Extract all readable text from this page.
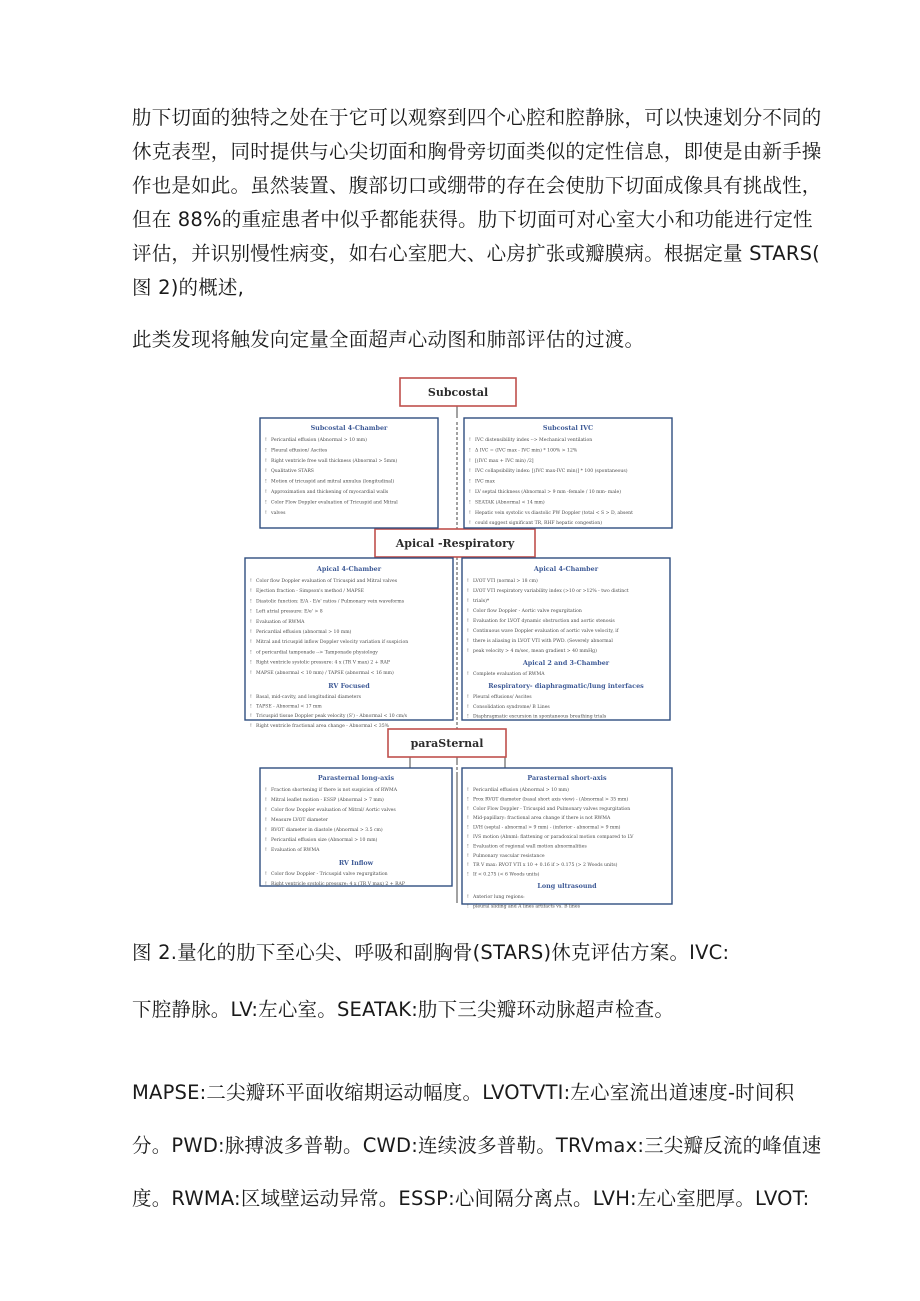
肋下切面的独特之处在于它可以观察到四个心腔和腔静脉，可以快速划分不同的
休克表型，同时提供与心尖切面和胸骨旁切面类似的定性信息，即使是由新手操
作也是如此。虽然装置、腹部切口或绷带的存在会使肋下切面成像具有挑战性，
但在 88%的重症患者中似乎都能获得。肋下切面可对心室大小和功能进行定性
评估，并识别慢性病变，如右心室肥大、心房扩张或瓣膜病。根据定量 STARS(
图 2)的概述,

此类发现将触发向定量全面超声心动图和肺部评估的过渡。

Subcostal
Apical -Respiratory
paraSternal
Subcostal 4-Chamber
! Pericardial effusion (Abnormal > 10 mm)
! Pleural effusion/ Ascites
! Right ventricle free wall thickness (Abnormal > 5mm)
! Qualitative STARS
! Motion of tricuspid and mitral annulus (longitudinal)
! Approximation and thickening of myocardial walls
! Color Flow Doppler evaluation of Tricuspid and Mitral
! valves
Subcostal IVC
! IVC distensibility index --> Mechanical ventilation
! Δ IVC = (IVC max - IVC min) * 100% > 12%
! [(IVC max + IVC min) /2]
! IVC collapsibility index: [(IVC max-IVC min)] * 100 (spontaneous)
! IVC max
! LV septal thickness (Abnormal > 9 mm -female / 10 mm- male)
! SEATAK (Abnormal < 14 mm)
! Hepatic vein systolic vs diastolic PW Doppler (total < S > D, absent
! could suggest significant TR, RHF hepatic congestion)
Apical 4-Chamber
! Color flow Doppler evaluation of Tricuspid and Mitral valves
! Ejection fraction - Simpson's method / MAPSE
! Diastolic function: E/A - E/e' ratios / Pulmonary vein waveforms
! Left atrial pressure: E/e' > 8
! Evaluation of RWMA
! Pericardial effusion (abnormal > 10 mm)
! Mitral and tricuspid inflow Doppler velocity variation if suspicion
! of pericardial tamponade --> Tamponade physiology
! Right ventricle systolic pressure: 4 x (TR V max) 2 + RAP
! MAPSE (abnormal < 10 mm) / TAPSE (abnormal < 16 mm)
RV Focused
! Basal, mid-cavity, and longitudinal diameters
! TAPSE - Abnormal < 17 mm
! Tricuspid tissue Doppler peak velocity (S') - Abnormal < 10 cm/s
! Right ventricle fractional area change - Abnormal < 35%
Apical 4-Chamber
! LVOT VTI (normal > 18 cm)
! LVOT VTI respiratory variability index (>10 or >12% - two distinct
! trials)*
! Color flow Doppler - Aortic valve regurgitation
! Evaluation for LVOT dynamic obstruction and aortic stenosis
! Continuous wave Doppler evaluation of aortic valve velocity, if
! there is aliasing in LVOT VTI with PWD. (Severely abnormal
! peak velocity > 4 m/sec, mean gradient > 40 mmHg)
Apical 2 and 3-Chamber
! Complete evaluation of RWMA
Respiratory- diaphragmatic/lung interfaces
! Pleural effusions/ Ascites
! Consolidation syndrome/ B Lines
! Diaphragmatic excursion in spontaneous breathing trials
Parasternal long-axis
! Fraction shortening if there is not suspicion of RWMA
! Mitral leaflet motion - ESSP (Abnormal > 7 mm)
! Color flow Doppler evaluation of Mitral/ Aortic valves
! Measure LVOT diameter
! RVOT diameter in diastole (Abnormal > 3.5 cm)
! Pericardial effusion size (Abnormal > 10 mm)
! Evaluation of RWMA
RV Inflow
! Color flow Doppler - Tricuspid valve regurgitation
! Right ventricle systolic pressure: 4 x (TR V max) 2 + RAP
Parasternal short-axis
! Pericardial effusion (Abnormal > 10 mm)
! Prox RVOT diameter (basal short axis view) - (Abnormal > 35 mm)
! Color Flow Doppler - Tricuspid and Pulmonary valves regurgitation
! Mid-papillary: fractional area change if there is not RWMA
! LVH (septal - abnormal > 9 mm) - (inferior - abnormal > 9 mm)
! IVS motion (Abnml: flattening or paradoxical motion compared to LV
! Evaluation of regional wall motion abnormalities
! Pulmonary vascular resistance
! TR V max: RVOT VTI x 10 + 0.16 if > 0.175 (> 2 Woods units)
! If < 0.275 (< 6 Woods units)
Long ultrasound
! Anterior lung regions:
! pleural sliding and A lines artifacts vs. B lines

图 2.量化的肋下至心尖、呼吸和副胸骨(STARS)休克评估方案。IVC:

下腔静脉。LV:左心室。SEATAK:肋下三尖瓣环动脉超声检查。

MAPSE:二尖瓣环平面收缩期运动幅度。LVOTVTI:左心室流出道速度-时间积
分。PWD:脉搏波多普勒。CWD:连续波多普勒。TRVmax:三尖瓣反流的峰值速
度。RWMA:区域壁运动异常。ESSP:心间隔分离点。LVH:左心室肥厚。LVOT:
